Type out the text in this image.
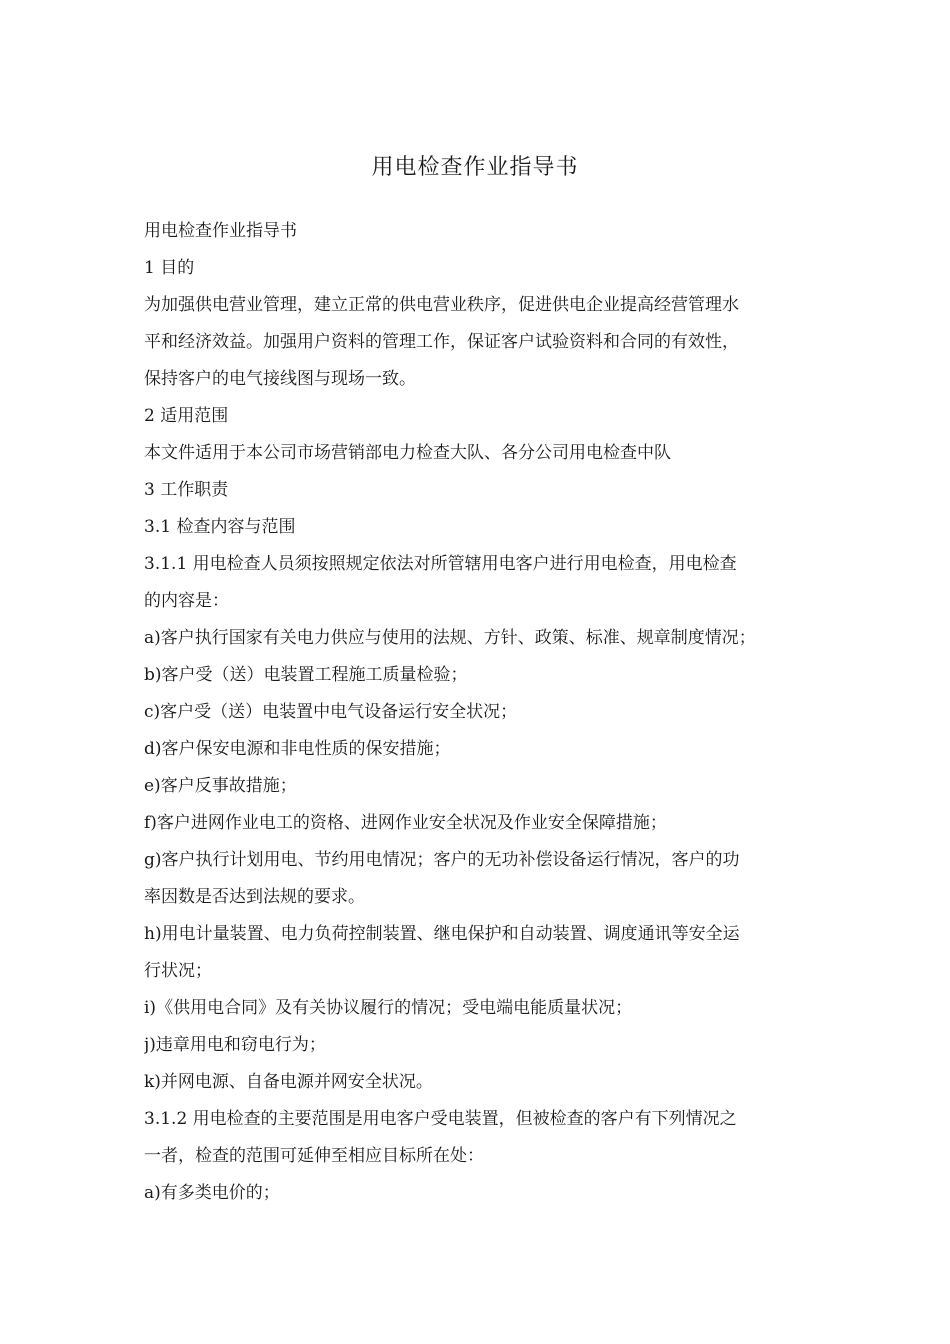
用电检查作业指导书
用电检查作业指导书
1 目的
为加强供电营业管理，建立正常的供电营业秩序，促进供电企业提高经营管理水
平和经济效益。加强用户资料的管理工作，保证客户试验资料和合同的有效性，
保持客户的电气接线图与现场一致。
2 适用范围
本文件适用于本公司市场营销部电力检查大队、各分公司用电检查中队
3 工作职责
3.1 检查内容与范围
3.1.1 用电检查人员须按照规定依法对所管辖用电客户进行用电检查，用电检查
的内容是：
a)客户执行国家有关电力供应与使用的法规、方针、政策、标准、规章制度情况；
b)客户受（送）电装置工程施工质量检验；
c)客户受（送）电装置中电气设备运行安全状况；
d)客户保安电源和非电性质的保安措施；
e)客户反事故措施；
f)客户进网作业电工的资格、进网作业安全状况及作业安全保障措施；
g)客户执行计划用电、节约用电情况；客户的无功补偿设备运行情况，客户的功
率因数是否达到法规的要求。
h)用电计量装置、电力负荷控制装置、继电保护和自动装置、调度通讯等安全运
行状况；
i)《供用电合同》及有关协议履行的情况；受电端电能质量状况；
j)违章用电和窃电行为；
k)并网电源、自备电源并网安全状况。
3.1.2 用电检查的主要范围是用电客户受电装置，但被检查的客户有下列情况之
一者，检查的范围可延伸至相应目标所在处：
a)有多类电价的；
